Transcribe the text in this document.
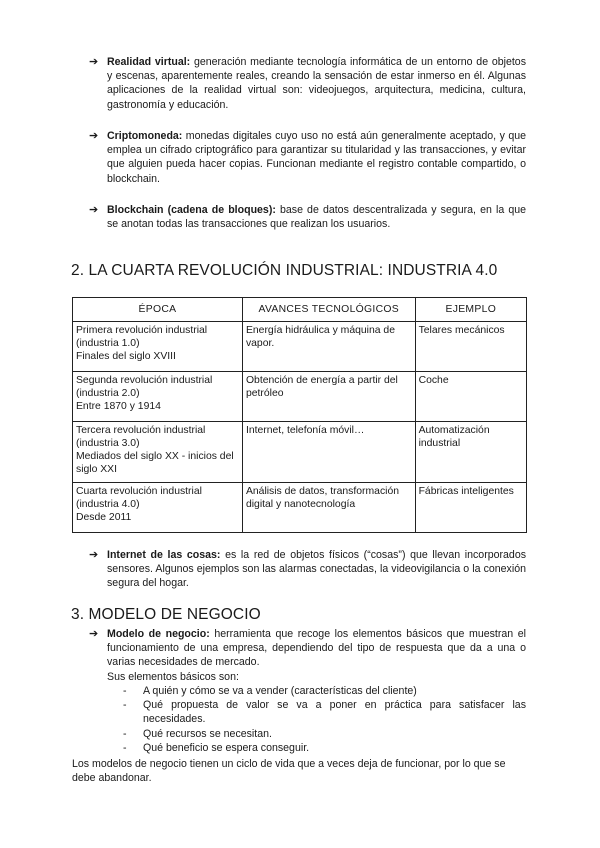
➔ Realidad virtual: generación mediante tecnología informática de un entorno de objetos y escenas, aparentemente reales, creando la sensación de estar inmerso en él. Algunas aplicaciones de la realidad virtual son: videojuegos, arquitectura, medicina, cultura, gastronomía y educación.
➔ Criptomoneda: monedas digitales cuyo uso no está aún generalmente aceptado, y que emplea un cifrado criptográfico para garantizar su titularidad y las transacciones, y evitar que alguien pueda hacer copias. Funcionan mediante el registro contable compartido, o blockchain.
➔ Blockchain (cadena de bloques): base de datos descentralizada y segura, en la que se anotan todas las transacciones que realizan los usuarios.
2. LA CUARTA REVOLUCIÓN INDUSTRIAL: INDUSTRIA 4.0
ÉPOCA	AVANCES TECNOLÓGICOS	EJEMPLO

Primera revolución industrial
(industria 1.0)
Finales del siglo XVIII	Energía hidráulica y máquina de vapor.	Telares mecánicos

Segunda revolución industrial
(industria 2.0)
Entre 1870 y 1914	Obtención de energía a partir del petróleo	Coche

Tercera revolución industrial
(industria 3.0)
Mediados del siglo XX - inicios del siglo XXI	Internet, telefonía móvil…	Automatización industrial

Cuarta revolución industrial
(industria 4.0)
Desde 2011	Análisis de datos, transformación digital y nanotecnología	Fábricas inteligentes
➔ Internet de las cosas: es la red de objetos físicos (“cosas”) que llevan incorporados sensores. Algunos ejemplos son las alarmas conectadas, la videovigilancia o la conexión segura del hogar.
3. MODELO DE NEGOCIO
➔ Modelo de negocio: herramienta que recoge los elementos básicos que muestran el funcionamiento de una empresa, dependiendo del tipo de respuesta que da a una o varias necesidades de mercado.
Sus elementos básicos son:
- A quién y cómo se va a vender (características del cliente)
- Qué propuesta de valor se va a poner en práctica para satisfacer las necesidades.
- Qué recursos se necesitan.
- Qué beneficio se espera conseguir.
Los modelos de negocio tienen un ciclo de vida que a veces deja de funcionar, por lo que se debe abandonar.
